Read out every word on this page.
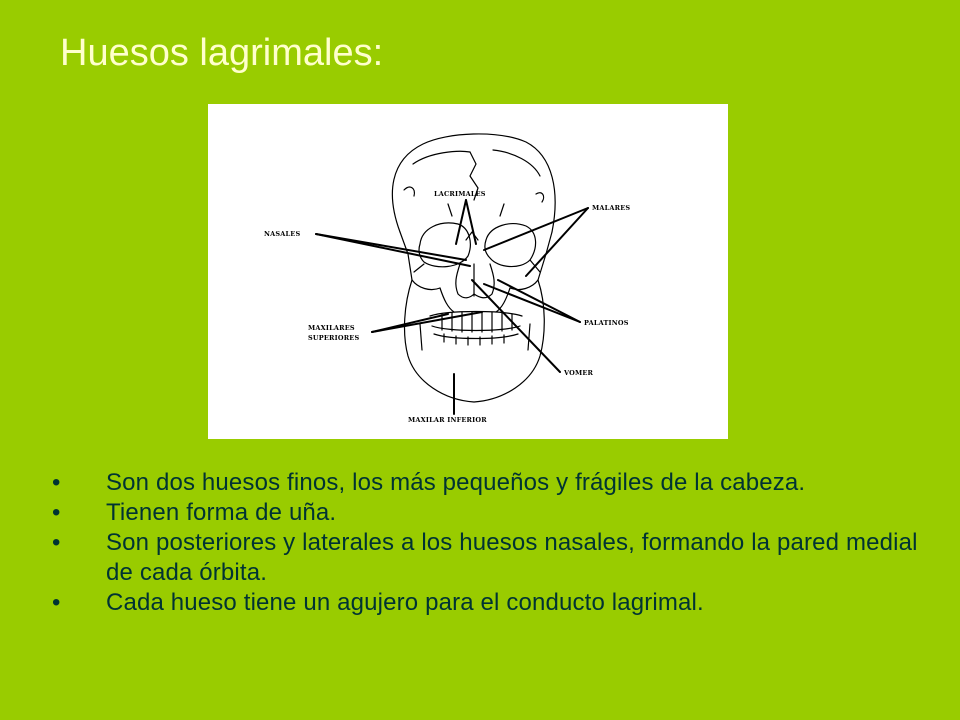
Huesos lagrimales:
LACRIMALES
MALARES
NASALES
MAXILARES
SUPERIORES
PALATINOS
VOMER
MAXILAR INFERIOR
•	Son dos huesos finos, los más pequeños y frágiles de la cabeza.
•	Tienen forma de uña.
•	Son posteriores y laterales a los huesos nasales, formando la pared medial de cada órbita.
•	Cada hueso tiene un agujero para el conducto lagrimal.
